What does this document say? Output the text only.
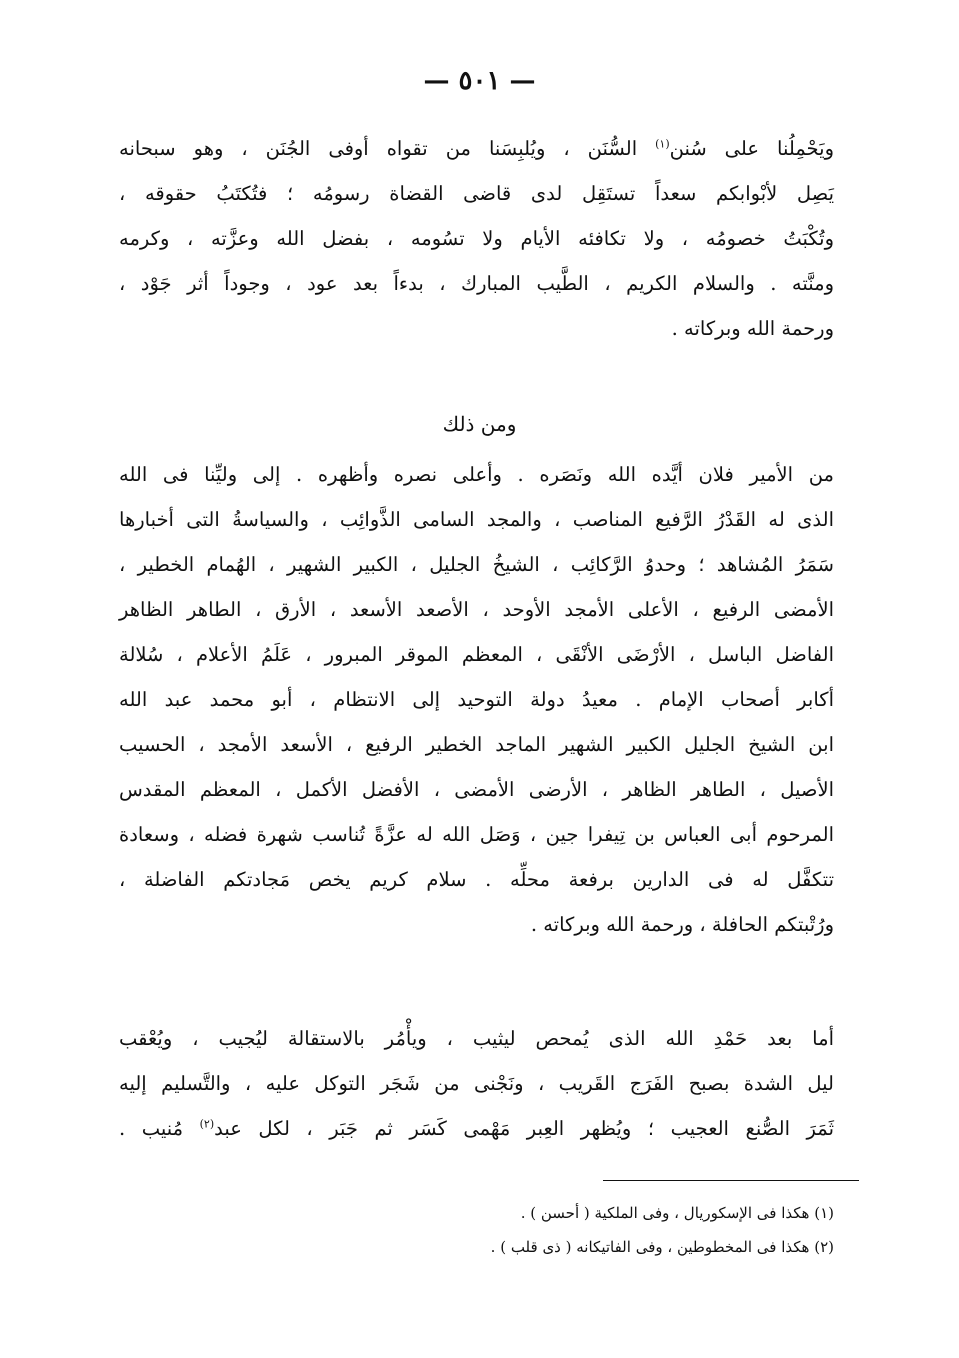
— ٥٠١ —
ويَحْمِلُنا على سُنن$^{(١)}$ السُّنَن ، ويُلبِسَنا من تقواه أوفى الجُنَن ، وهو سبحانه
يَصِل لأبْوابكم سعداً تستَقِل لدى قاضى القضاة رسومُه ؛ فتُكتَبُ حقوقه ،
وتُكْبَتُ خصومُه ، ولا تكافئه الأيام ولا تسُومه ، بفضل الله وعزَّته ، وكرمه
ومنَّته . والسلام الكريم ، الطَّيب المبارك ، بدءاً بعد عود ، وجوداً أثر جَوْد ،
ورحمة الله وبركاته .
ومن ذلك
من الأمير فلان أيَّده الله ونَصَره . وأعلى نصره وأظهره . إلى وليِّنا فى الله
الذى له القَدْرُ الرَّفيع المناصب ، والمجد السامى الذَّوائِب ، والسياسةُ التى أخبارها
سَمَرُ المُشاهد ؛ وحدوُ الرَّكائِب ، الشيخُ الجليل ، الكبير الشهير ، الهُمام الخطير ،
الأمضى الرفيع ، الأعلى الأمجد الأوحد ، الأصعد الأسعد ، الأرق ، الطاهر الظاهر
الفاضل الباسل ، الأرْضَى الأنْقَى ، المعظم الموقر المبرور ، عَلَمُ الأعلام ، سُلالة
أكابر أصحاب الإمام . معيدُ دولة التوحيد إلى الانتظام ، أبو محمد عبد الله
ابن الشيخ الجليل الكبير الشهير الماجد الخطير الرفيع ، الأسعد الأمجد ، الحسيب
الأصيل ، الطاهر الظاهر ، الأرضى الأمضى ، الأفضل الأكمل ، المعظم المقدس
المرحوم أبى العباس بن تِيفرا جين ، وَصَل الله له عزَّةً تُناسب شهرة فضله ، وسعادة
تتكفَّل له فى الدارين برفعة محلِّه . سلام كريم يخص مَجادتكم الفاضلة ،
ورُتْبتكم الحافلة ، ورحمة الله وبركاته .
أما بعد حَمْدِ الله الذى يُمحص ليثيب ، ويأْمُر بالاستقالة ليُجيب ، ويُعْقب
ليل الشدة بصبح الفَرَج القَريب ، ونَجْنى من شَجَر التوكل عليه ، والتَّسليم إليه
ثَمَرَ الصُّنع العجيب ؛ ويُظهر العِبر مَهْمى كَسَر ثم جَبَر ، لكل عبد$^{(٢)}$ مُنيب .
(١) هكذا فى الإسكوريال ، وفى الملكية ( أحسن ) .
(٢) هكذا فى المخطوطين ، وفى الفاتيكانه ( ذى قلب ) .
